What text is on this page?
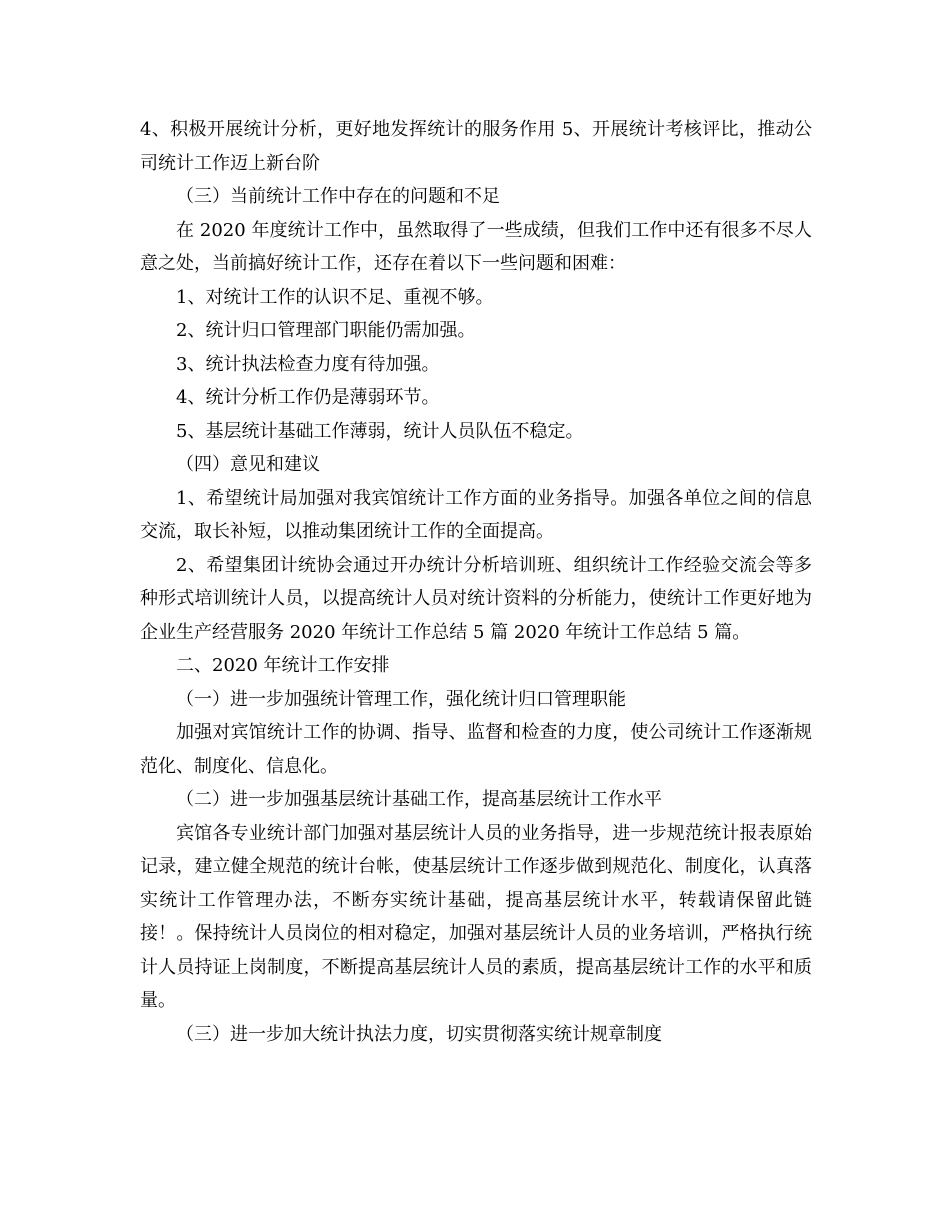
4、积极开展统计分析，更好地发挥统计的服务作用 5、开展统计考核评比，推动公司统计工作迈上新台阶

（三）当前统计工作中存在的问题和不足

在 2020 年度统计工作中，虽然取得了一些成绩，但我们工作中还有很多不尽人意之处，当前搞好统计工作，还存在着以下一些问题和困难：

1、对统计工作的认识不足、重视不够。

2、统计归口管理部门职能仍需加强。

3、统计执法检查力度有待加强。

4、统计分析工作仍是薄弱环节。

5、基层统计基础工作薄弱，统计人员队伍不稳定。

（四）意见和建议

1、希望统计局加强对我宾馆统计工作方面的业务指导。加强各单位之间的信息交流，取长补短，以推动集团统计工作的全面提高。

2、希望集团计统协会通过开办统计分析培训班、组织统计工作经验交流会等多种形式培训统计人员，以提高统计人员对统计资料的分析能力，使统计工作更好地为企业生产经营服务 2020 年统计工作总结 5 篇 2020 年统计工作总结 5 篇。

二、2020 年统计工作安排

（一）进一步加强统计管理工作，强化统计归口管理职能

加强对宾馆统计工作的协调、指导、监督和检查的力度，使公司统计工作逐渐规范化、制度化、信息化。

（二）进一步加强基层统计基础工作，提高基层统计工作水平

宾馆各专业统计部门加强对基层统计人员的业务指导，进一步规范统计报表原始记录，建立健全规范的统计台帐，使基层统计工作逐步做到规范化、制度化，认真落实统计工作管理办法，不断夯实统计基础，提高基层统计水平，转载请保留此链接！。保持统计人员岗位的相对稳定，加强对基层统计人员的业务培训，严格执行统计人员持证上岗制度，不断提高基层统计人员的素质，提高基层统计工作的水平和质量。

（三）进一步加大统计执法力度，切实贯彻落实统计规章制度
